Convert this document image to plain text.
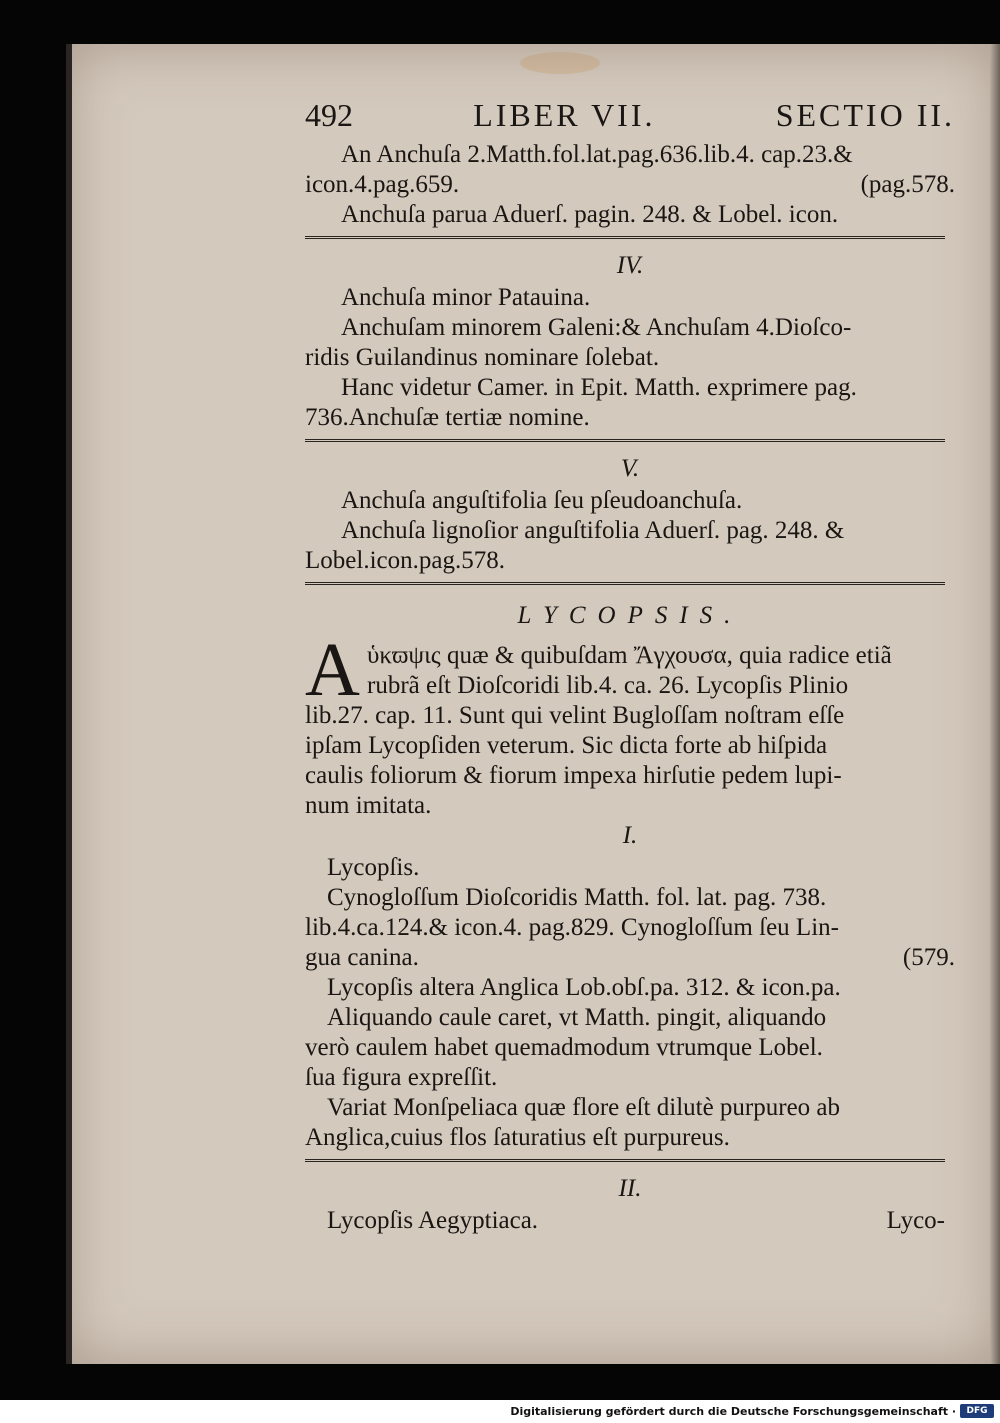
492	LIBER VII.	SECTIO II.
An Anchuſa 2.Matth.fol.lat.pag.636.lib.4. cap.23.&
icon.4.pag.659.	(pag.578.
Anchuſa parua Aduerſ. pagin. 248. & Lobel. icon.
IV.
Anchuſa minor Patauina.
Anchuſam minorem Galeni:& Anchuſam 4.Dioſco-
ridis Guilandinus nominare ſolebat.
Hanc videtur Camer. in Epit. Matth. exprimere pag.
736.Anchuſæ tertiæ nomine.
V.
Anchuſa anguſtifolia ſeu pſeudoanchuſa.
Anchuſa lignoſior anguſtifolia Aduerſ. pag. 248. &
Lobel.icon.pag.578.
LYCOPSIS.
A ὑκϖψις quæ & quibuſdam Ἄγχουσα, quia radice etiã
rubrã eſt Dioſcoridi lib.4. ca. 26. Lycopſis Plinio
lib.27. cap. 11. Sunt qui velint Bugloſſam noſtram eſſe
ipſam Lycopſiden veterum. Sic dicta forte ab hiſpida
caulis foliorum & fiorum impexa hirſutie pedem lupi-
num imitata.
I.
Lycopſis.
Cynogloſſum Dioſcoridis Matth. fol. lat. pag. 738.
lib.4.ca.124.& icon.4. pag.829. Cynogloſſum ſeu Lin-
gua canina.	(579.
Lycopſis altera Anglica Lob.obſ.pa. 312. & icon.pa.
Aliquando caule caret, vt Matth. pingit, aliquando
verò caulem habet quemadmodum vtrumque Lobel.
ſua figura expreſſit.
Variat Monſpeliaca quæ flore eſt dilutè purpureo ab
Anglica,cuius flos ſaturatius eſt purpureus.
II.
Lycopſis Aegyptiaca.	Lyco-
Digitalisierung gefördert durch die Deutsche Forschungsgemeinschaft ·	DFG
